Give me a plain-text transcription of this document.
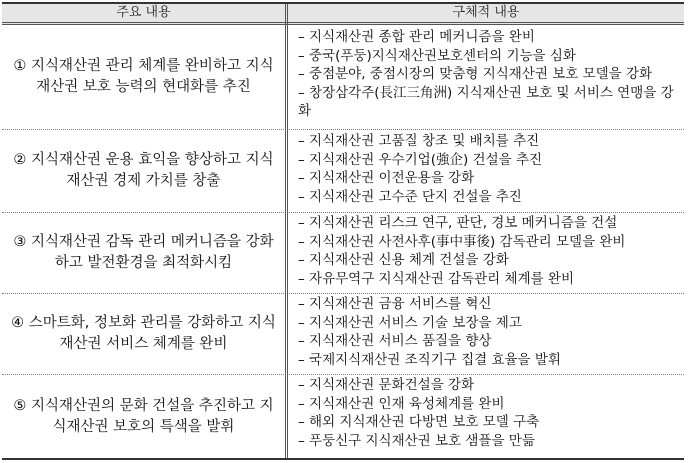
주요 내용	구체적 내용
① 지식재산권 관리 체계를 완비하고 지식재산권 보호 능력의 현대화를 추진
– 지식재산권 종합 관리 메커니즘을 완비
– 중국(푸둥)지식재산권보호센터의 기능을 심화
– 중점분야, 중점시장의 맞춤형 지식재산권 보호 모델을 강화
– 창장삼각주(長江三角洲) 지식재산권 보호 및 서비스 연맹을 강화
② 지식재산권 운용 효익을 향상하고 지식재산권 경제 가치를 창출
– 지식재산권 고품질 창조 및 배치를 추진
– 지식재산권 우수기업(強企) 건설을 추진
– 지식재산권 이전운용을 강화
– 지식재산권 고수준 단지 건설을 추진
③ 지식재산권 감독 관리 메커니즘을 강화하고 발전환경을 최적화시킴
– 지식재산권 리스크 연구, 판단, 경보 메커니즘을 건설
– 지식재산권 사전사후(事中事後) 감독관리 모델을 완비
– 지식재산권 신용 체계 건설을 강화
– 자유무역구 지식재산권 감독관리 체계를 완비
④ 스마트화, 정보화 관리를 강화하고 지식재산권 서비스 체계를 완비
– 지식재산권 금융 서비스를 혁신
– 지식재산권 서비스 기술 보장을 제고
– 지식재산권 서비스 품질을 향상
– 국제지식재산권 조직기구 집결 효율을 발휘
⑤ 지식재산권의 문화 건설을 추진하고 지식재산권 보호의 특색을 발휘
– 지식재산권 문화건설을 강화
– 지식재산권 인재 육성체계를 완비
– 해외 지식재산권 다방면 보호 모델 구축
– 푸둥신구 지식재산권 보호 샘플을 만듦
